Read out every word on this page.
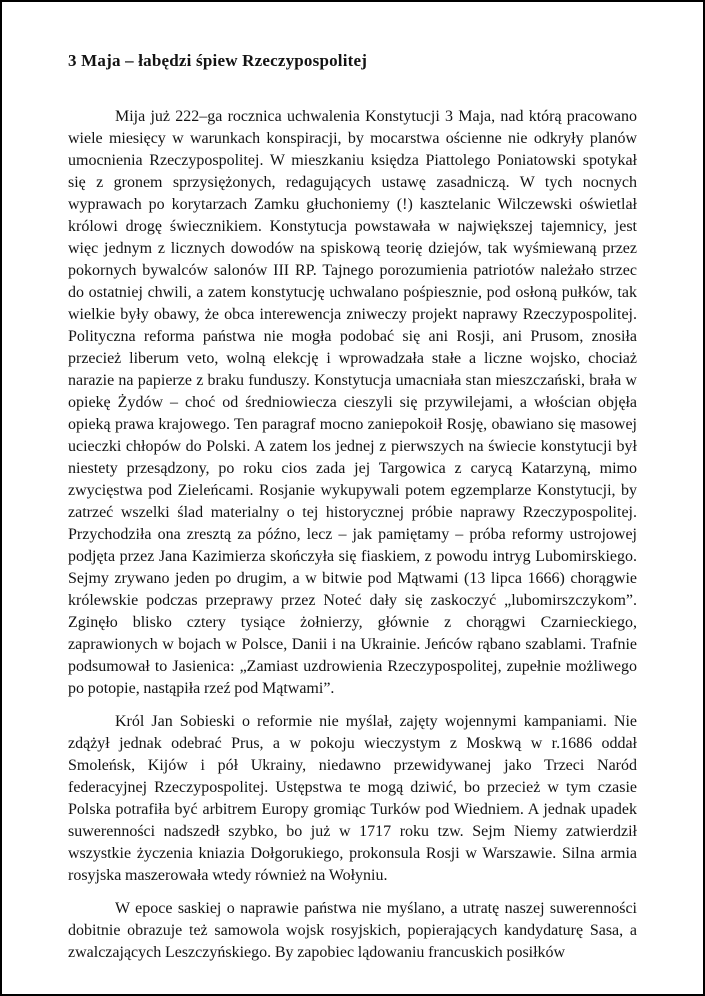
3 Maja – łabędzi śpiew Rzeczypospolitej

Mija już 222–ga rocznica uchwalenia Konstytucji 3 Maja, nad którą pracowano wiele miesięcy w warunkach konspiracji, by mocarstwa ościenne nie odkryły planów umocnienia Rzeczypospolitej. W mieszkaniu księdza Piattolego Poniatowski spotykał się z gronem sprzysiężonych, redagujących ustawę zasadniczą. W tych nocnych wyprawach po korytarzach Zamku głuchoniemy (!) kasztelanic Wilczewski oświetlał królowi drogę świecznikiem. Konstytucja powstawała w największej tajemnicy, jest więc jednym z licznych dowodów na spiskową teorię dziejów, tak wyśmiewaną przez pokornych bywalców salonów III RP. Tajnego porozumienia patriotów należało strzec do ostatniej chwili, a zatem konstytucję uchwalano pośpiesznie, pod osłoną pułków, tak wielkie były obawy, że obca interewencja zniweczy projekt naprawy Rzeczypospolitej. Polityczna reforma państwa nie mogła podobać się ani Rosji, ani Prusom, znosiła przecież liberum veto, wolną elekcję i wprowadzała stałe a liczne wojsko, chociaż narazie na papierze z braku funduszy. Konstytucja umacniała stan mieszczański, brała w opiekę Żydów – choć od średniowiecza cieszyli się przywilejami, a włościan objęła opieką prawa krajowego. Ten paragraf mocno zaniepokoił Rosję, obawiano się masowej ucieczki chłopów do Polski. A zatem los jednej z pierwszych na świecie konstytucji był niestety przesądzony, po roku cios zada jej Targowica z carycą Katarzyną, mimo zwycięstwa pod Zieleńcami. Rosjanie wykupywali potem egzemplarze Konstytucji, by zatrzeć wszelki ślad materialny o tej historycznej próbie naprawy Rzeczypospolitej. Przychodziła ona zresztą za późno, lecz – jak pamiętamy – próba reformy ustrojowej podjęta przez Jana Kazimierza skończyła się fiaskiem, z powodu intryg Lubomirskiego. Sejmy zrywano jeden po drugim, a w bitwie pod Mątwami (13 lipca 1666) chorągwie królewskie podczas przeprawy przez Noteć dały się zaskoczyć „lubomirszczykom”. Zginęło blisko cztery tysiące żołnierzy, głównie z chorągwi Czarnieckiego, zaprawionych w bojach w Polsce, Danii i na Ukrainie. Jeńców rąbano szablami. Trafnie podsumował to Jasienica: „Zamiast uzdrowienia Rzeczypospolitej, zupełnie możliwego po potopie, nastąpiła rzeź pod Mątwami”.

Król Jan Sobieski o reformie nie myślał, zajęty wojennymi kampaniami. Nie zdążył jednak odebrać Prus, a w pokoju wieczystym z Moskwą w r.1686 oddał Smoleńsk, Kijów i pół Ukrainy, niedawno przewidywanej jako Trzeci Naród federacyjnej Rzeczypospolitej. Ustępstwa te mogą dziwić, bo przecież w tym czasie Polska potrafiła być arbitrem Europy gromiąc Turków pod Wiedniem. A jednak upadek suwerenności nadszedł szybko, bo już w 1717 roku tzw. Sejm Niemy zatwierdził wszystkie życzenia kniazia Dołgorukiego, prokonsula Rosji w Warszawie. Silna armia rosyjska maszerowała wtedy również na Wołyniu.

W epoce saskiej o naprawie państwa nie myślano, a utratę naszej suwerenności dobitnie obrazuje też samowola wojsk rosyjskich, popierających kandydaturę Sasa, a zwalczających Leszczyńskiego. By zapobiec lądowaniu francuskich posiłków
